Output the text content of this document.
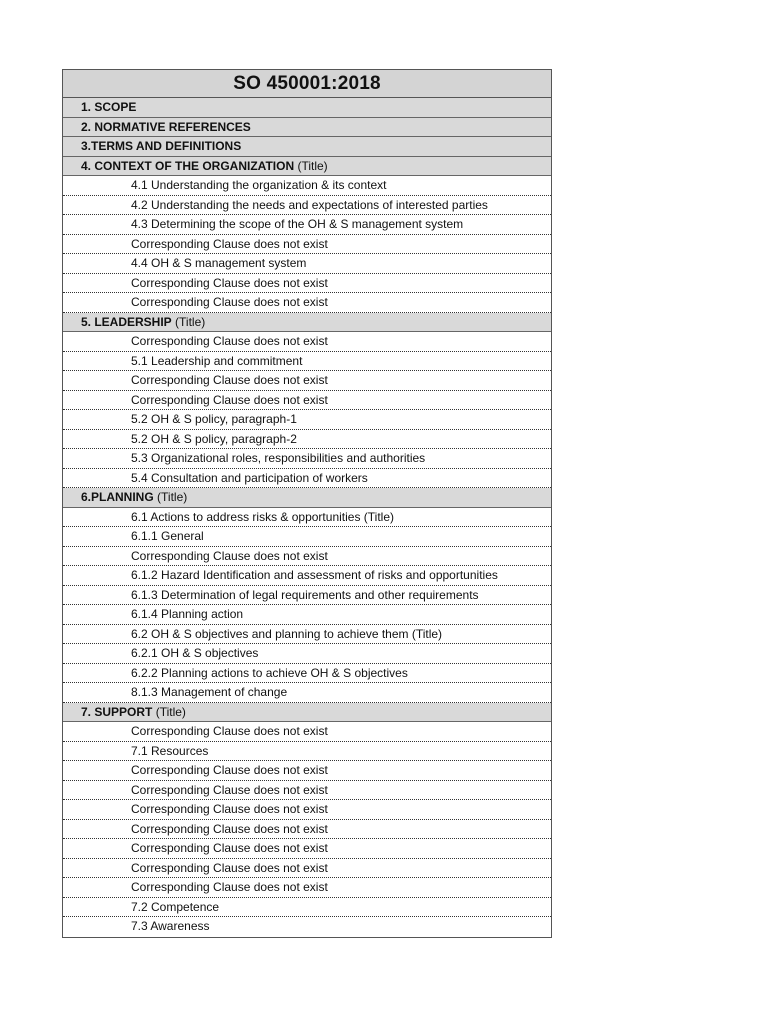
SO 450001:2018
1. SCOPE
2. NORMATIVE REFERENCES
3.TERMS AND DEFINITIONS
4. CONTEXT OF THE ORGANIZATION (Title)
4.1 Understanding the organization & its context
4.2 Understanding the needs and expectations of interested parties
4.3 Determining the scope of the OH & S management system
Corresponding Clause does not exist
4.4 OH & S management system
Corresponding Clause does not exist
Corresponding Clause does not exist
5. LEADERSHIP (Title)
Corresponding Clause does not exist
5.1 Leadership and commitment
Corresponding Clause does not exist
Corresponding Clause does not exist
5.2 OH & S policy, paragraph-1
5.2 OH & S policy, paragraph-2
5.3 Organizational roles, responsibilities and authorities
5.4 Consultation and participation of workers
6.PLANNING (Title)
6.1 Actions to address risks & opportunities (Title)
6.1.1 General
Corresponding Clause does not exist
6.1.2 Hazard Identification and assessment of risks and opportunities
6.1.3 Determination of legal requirements and other requirements
6.1.4 Planning action
6.2 OH & S objectives and planning to achieve them (Title)
6.2.1 OH & S objectives
6.2.2 Planning actions to achieve OH & S objectives
8.1.3 Management of change
7. SUPPORT (Title)
Corresponding Clause does not exist
7.1 Resources
Corresponding Clause does not exist
Corresponding Clause does not exist
Corresponding Clause does not exist
Corresponding Clause does not exist
Corresponding Clause does not exist
Corresponding Clause does not exist
Corresponding Clause does not exist
7.2 Competence
7.3 Awareness
